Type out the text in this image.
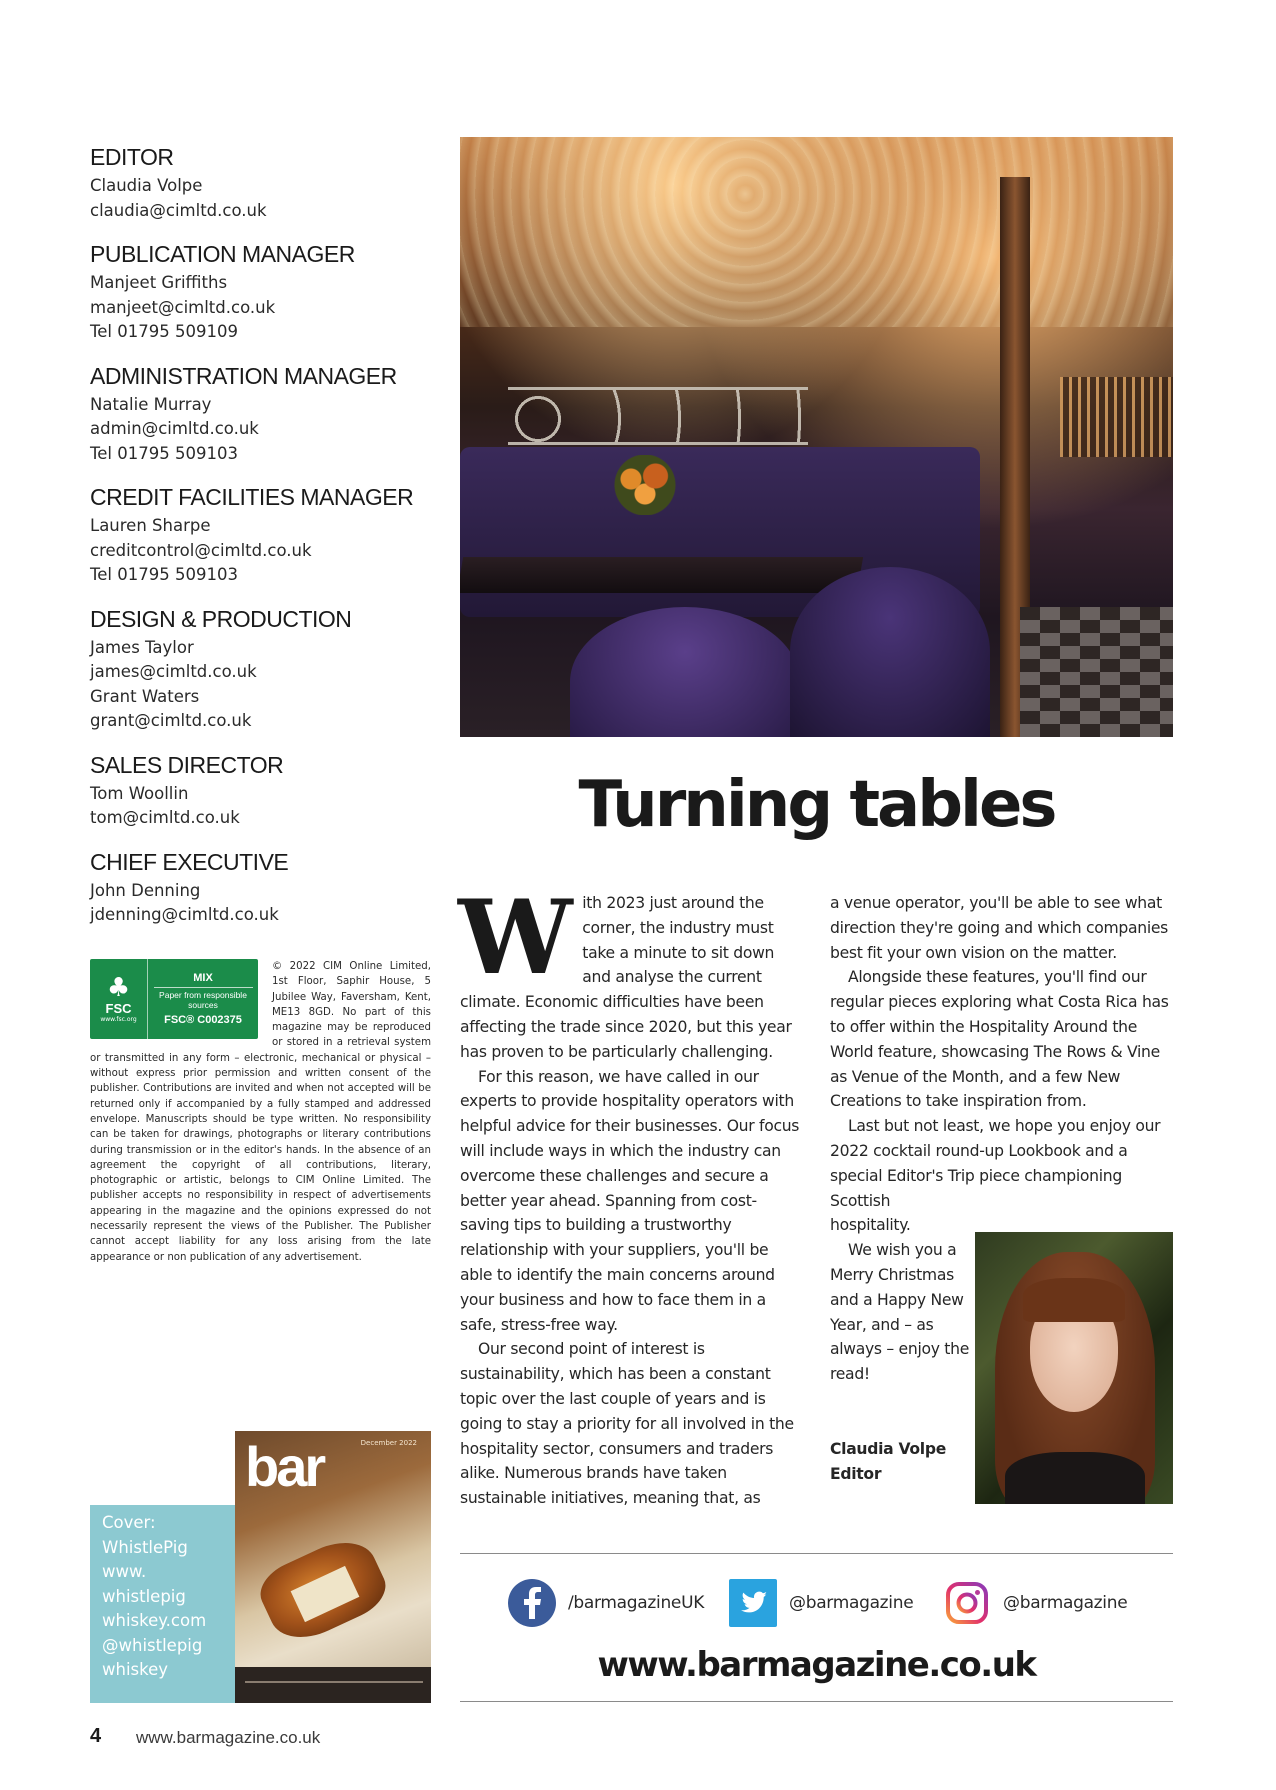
EDITOR

Claudia Volpe

claudia@cimltd.co.uk

PUBLICATION MANAGER

Manjeet Griffiths

manjeet@cimltd.co.uk

Tel 01795 509109

ADMINISTRATION MANAGER

Natalie Murray

admin@cimltd.co.uk

Tel 01795 509103

CREDIT FACILITIES MANAGER

Lauren Sharpe

creditcontrol@cimltd.co.uk

Tel 01795 509103

DESIGN & PRODUCTION

James Taylor

james@cimltd.co.uk

Grant Waters

grant@cimltd.co.uk

SALES DIRECTOR

Tom Woollin

tom@cimltd.co.uk

CHIEF EXECUTIVE

John Denning

jdenning@cimltd.co.uk

♣
FSC
www.fsc.org
MIX
Paper from responsible sources
FSC® C002375
© 2022 CIM Online Limited, 1st Floor, Saphir House, 5 Jubilee Way, Faversham, Kent, ME13 8GD. No part of this magazine may be reproduced or stored in a retrieval system or transmitted in any form – electronic, mechanical or physical – without express prior permission and written consent of the publisher. Contributions are invited and when not accepted will be returned only if accompanied by a fully stamped and addressed envelope. Manuscripts should be type written. No responsibility can be taken for drawings, photographs or literary contributions during transmission or in the editor's hands. In the absence of an agreement the copyright of all contributions, literary, photographic or artistic, belongs to CIM Online Limited. The publisher accepts no responsibility in respect of advertisements appearing in the magazine and the opinions expressed do not necessarily represent the views of the Publisher. The Publisher cannot accept liability for any loss arising from the late appearance or non publication of any advertisement.

Cover:

WhistlePig

www.

whistlepig

whiskey.com

@whistlepig

whiskey

December 2022
bar
4 www.barmagazine.co.uk
Turning tables
W ith 2023 just around the corner, the industry must take a minute to sit down and analyse the current climate. Economic difficulties have been affecting the trade since 2020, but this year has proven to be particularly challenging.

For this reason, we have called in our experts to provide hospitality operators with helpful advice for their businesses. Our focus will include ways in which the industry can overcome these challenges and secure a better year ahead. Spanning from cost-saving tips to building a trustworthy relationship with your suppliers, you'll be able to identify the main concerns around your business and how to face them in a safe, stress-free way.

Our second point of interest is sustainability, which has been a constant topic over the last couple of years and is going to stay a priority for all involved in the hospitality sector, consumers and traders alike. Numerous brands have taken sustainable initiatives, meaning that, as

a venue operator, you'll be able to see what direction they're going and which companies best fit your own vision on the matter.

Alongside these features, you'll find our regular pieces exploring what Costa Rica has to offer within the Hospitality Around the World feature, showcasing The Rows & Vine as Venue of the Month, and a few New Creations to take inspiration from.

Last but not least, we hope you enjoy our 2022 cocktail round-up Lookbook and a special Editor's Trip piece championing

Scottish hospitality.

We wish you a Merry Christmas and a Happy New Year, and – as always – enjoy the read!

Claudia Volpe
Editor
/barmagazineUK	@barmagazine	@barmagazine
www.barmagazine.co.uk
